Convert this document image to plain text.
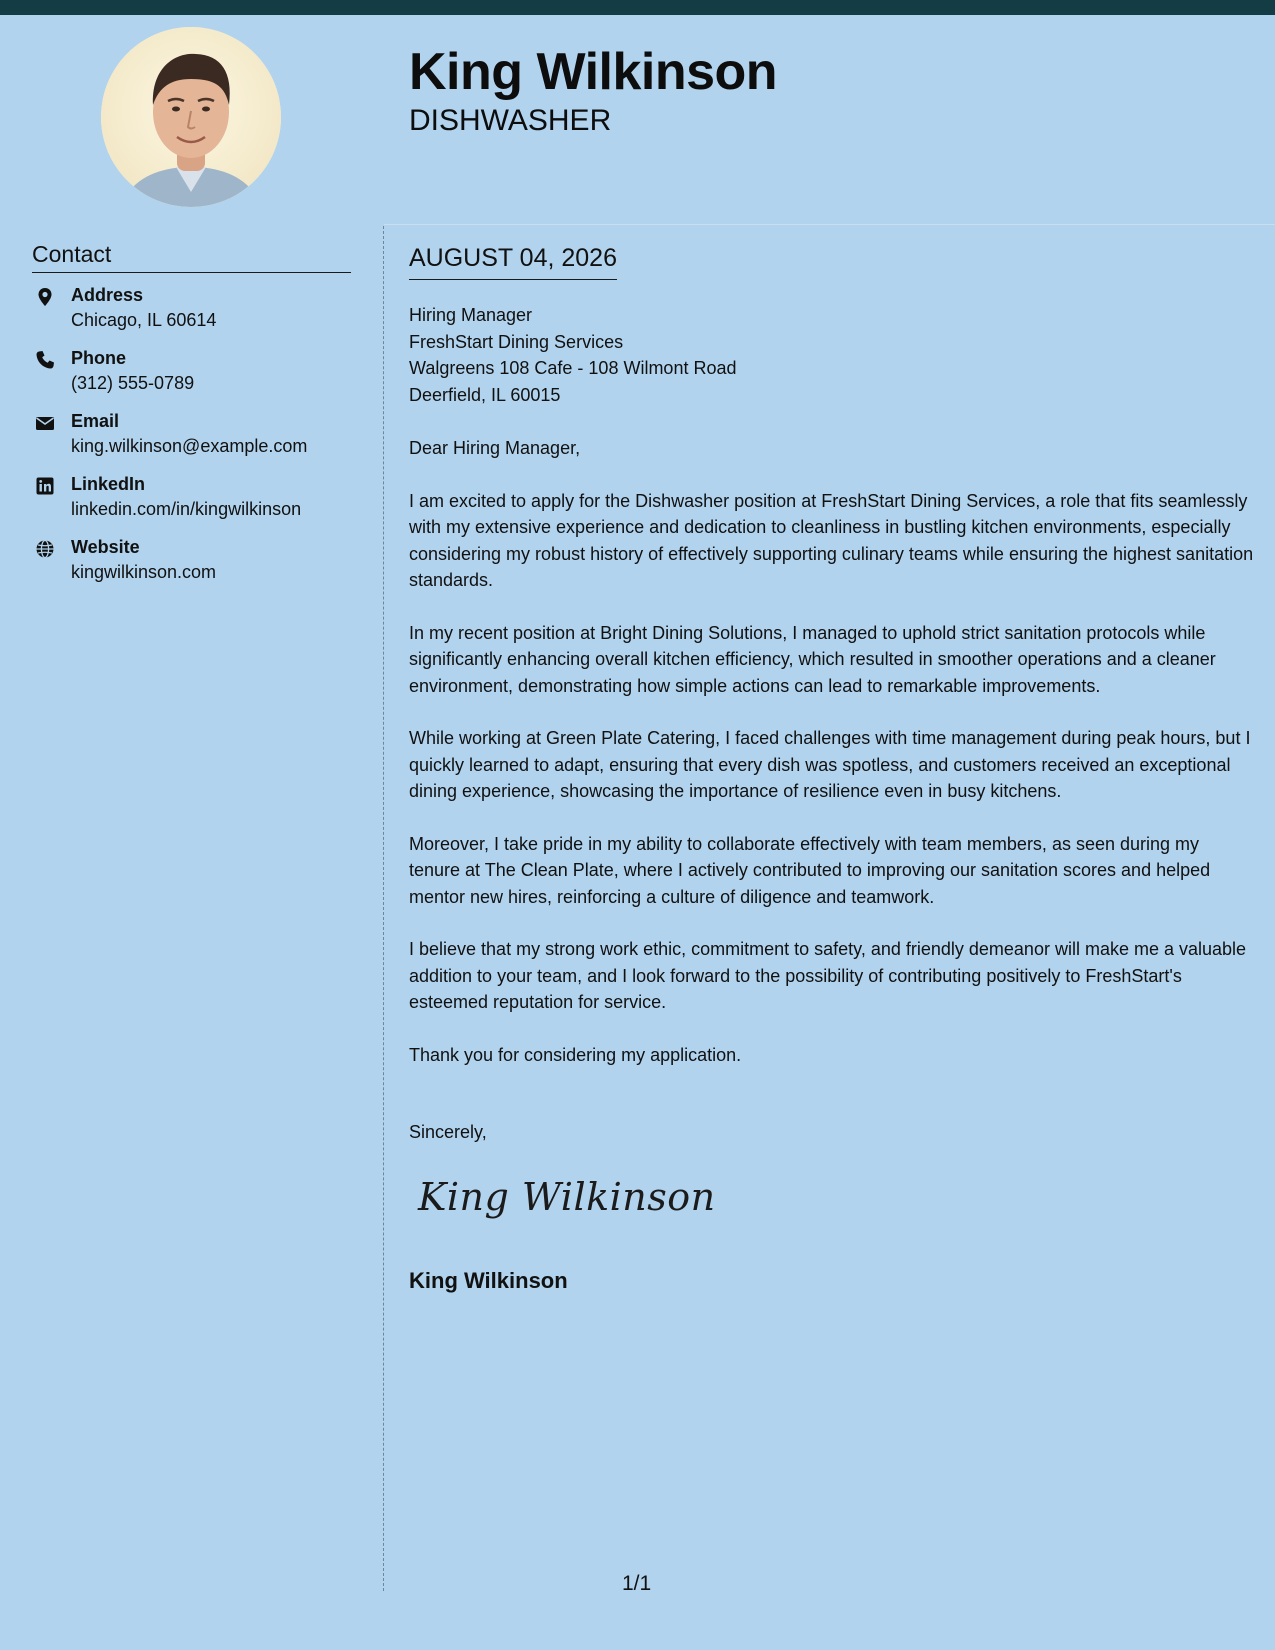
King Wilkinson
DISHWASHER
Contact
Address
Chicago, IL 60614
Phone
(312) 555-0789
Email
king.wilkinson@example.com
LinkedIn
linkedin.com/in/kingwilkinson
Website
kingwilkinson.com
AUGUST 04, 2026
Hiring Manager
FreshStart Dining Services
Walgreens 108 Cafe - 108 Wilmont Road
Deerfield, IL 60015

Dear Hiring Manager,

I am excited to apply for the Dishwasher position at FreshStart Dining Services, a role that fits seamlessly with my extensive experience and dedication to cleanliness in bustling kitchen environments, especially considering my robust history of effectively supporting culinary teams while ensuring the highest sanitation standards.

In my recent position at Bright Dining Solutions, I managed to uphold strict sanitation protocols while significantly enhancing overall kitchen efficiency, which resulted in smoother operations and a cleaner environment, demonstrating how simple actions can lead to remarkable improvements.

While working at Green Plate Catering, I faced challenges with time management during peak hours, but I quickly learned to adapt, ensuring that every dish was spotless, and customers received an exceptional dining experience, showcasing the importance of resilience even in busy kitchens.

Moreover, I take pride in my ability to collaborate effectively with team members, as seen during my tenure at The Clean Plate, where I actively contributed to improving our sanitation scores and helped mentor new hires, reinforcing a culture of diligence and teamwork.

I believe that my strong work ethic, commitment to safety, and friendly demeanor will make me a valuable addition to your team, and I look forward to the possibility of contributing positively to FreshStart's esteemed reputation for service.

Thank you for considering my application.

Sincerely,
King Wilkinson
King Wilkinson
1/1
